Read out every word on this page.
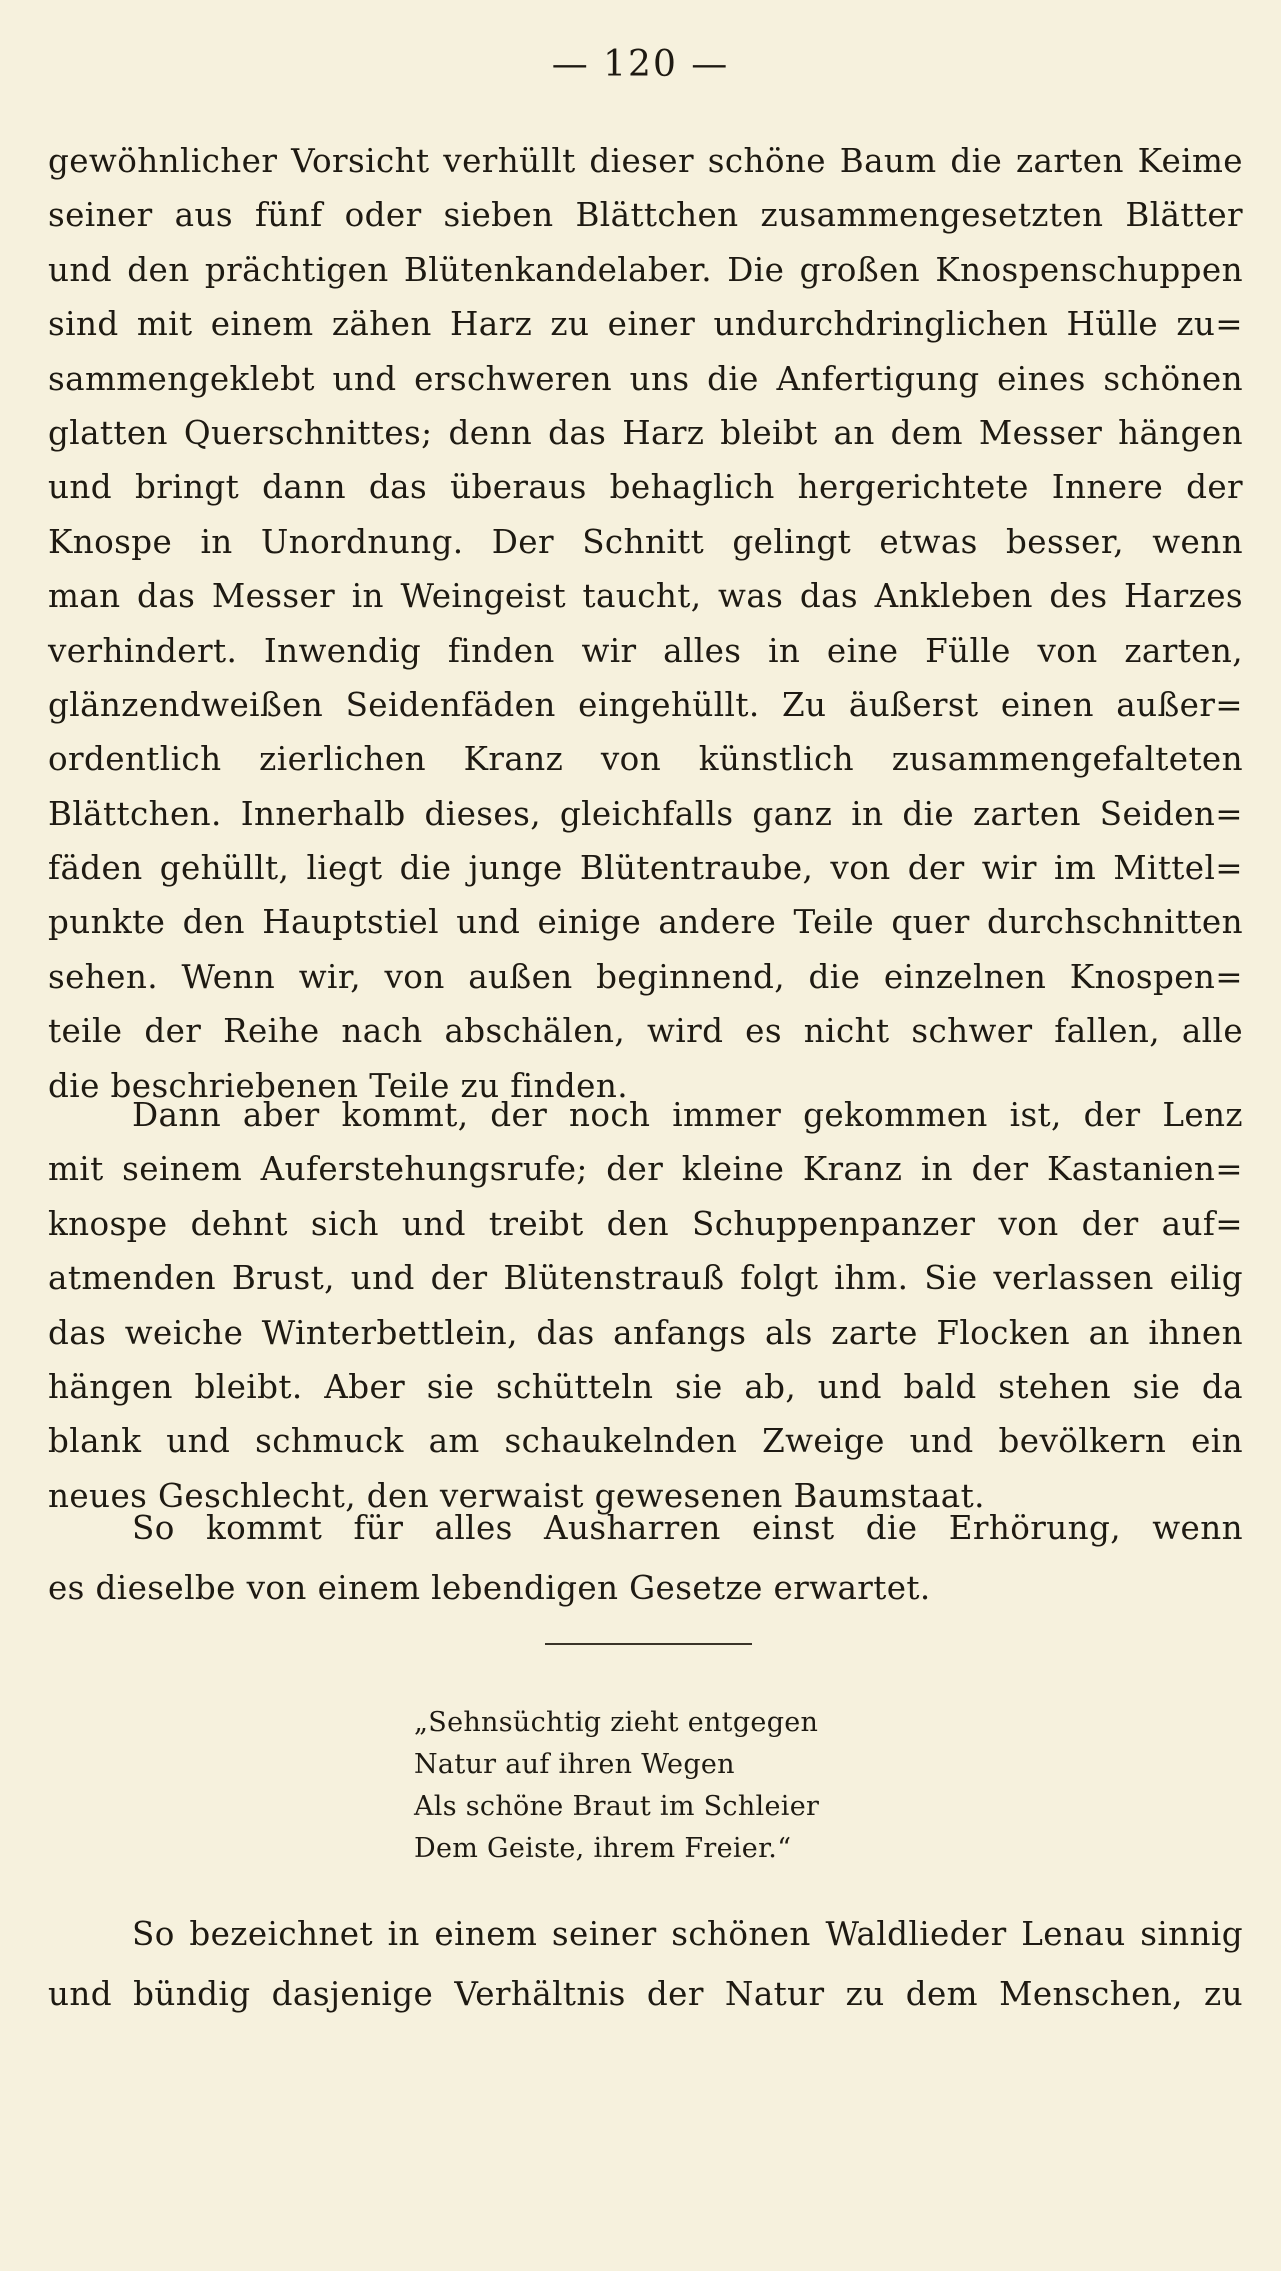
— 120 —
gewöhnlicher Vorsicht verhüllt dieser schöne Baum die zarten Keime
seiner aus fünf oder sieben Blättchen zusammengesetzten Blätter
und den prächtigen Blütenkandelaber. Die großen Knospenschuppen
sind mit einem zähen Harz zu einer undurchdringlichen Hülle zu=
sammengeklebt und erschweren uns die Anfertigung eines schönen
glatten Querschnittes; denn das Harz bleibt an dem Messer hängen
und bringt dann das überaus behaglich hergerichtete Innere der
Knospe in Unordnung. Der Schnitt gelingt etwas besser, wenn
man das Messer in Weingeist taucht, was das Ankleben des Harzes
verhindert. Inwendig finden wir alles in eine Fülle von zarten,
glänzendweißen Seidenfäden eingehüllt. Zu äußerst einen außer=
ordentlich zierlichen Kranz von künstlich zusammengefalteten
Blättchen. Innerhalb dieses, gleichfalls ganz in die zarten Seiden=
fäden gehüllt, liegt die junge Blütentraube, von der wir im Mittel=
punkte den Hauptstiel und einige andere Teile quer durchschnitten
sehen. Wenn wir, von außen beginnend, die einzelnen Knospen=
teile der Reihe nach abschälen, wird es nicht schwer fallen, alle
die beschriebenen Teile zu finden.
Dann aber kommt, der noch immer gekommen ist, der Lenz
mit seinem Auferstehungsrufe; der kleine Kranz in der Kastanien=
knospe dehnt sich und treibt den Schuppenpanzer von der auf=
atmenden Brust, und der Blütenstrauß folgt ihm. Sie verlassen eilig
das weiche Winterbettlein, das anfangs als zarte Flocken an ihnen
hängen bleibt. Aber sie schütteln sie ab, und bald stehen sie da
blank und schmuck am schaukelnden Zweige und bevölkern ein
neues Geschlecht, den verwaist gewesenen Baumstaat.
So kommt für alles Ausharren einst die Erhörung, wenn
es dieselbe von einem lebendigen Gesetze erwartet.
„Sehnsüchtig zieht entgegen
Natur auf ihren Wegen
Als schöne Braut im Schleier
Dem Geiste, ihrem Freier.“
So bezeichnet in einem seiner schönen Waldlieder Lenau sinnig
und bündig dasjenige Verhältnis der Natur zu dem Menschen, zu
